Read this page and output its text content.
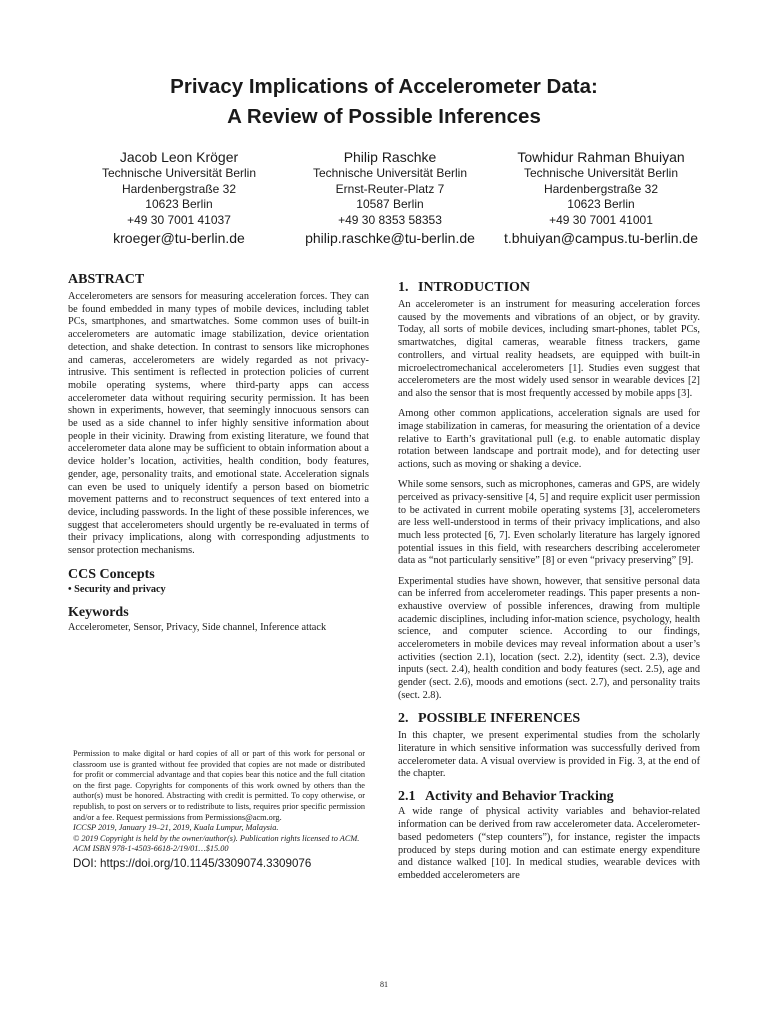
Privacy Implications of Accelerometer Data:
A Review of Possible Inferences
Jacob Leon Kröger
Technische Universität Berlin
Hardenbergstraße 32
10623 Berlin
+49 30 7001 41037
kroeger@tu-berlin.de
Philip Raschke
Technische Universität Berlin
Ernst-Reuter-Platz 7
10587 Berlin
+49 30 8353 58353
philip.raschke@tu-berlin.de
Towhidur Rahman Bhuiyan
Technische Universität Berlin
Hardenbergstraße 32
10623 Berlin
+49 30 7001 41001
t.bhuiyan@campus.tu-berlin.de
ABSTRACT

Accelerometers are sensors for measuring acceleration forces. They can be found embedded in many types of mobile devices, including tablet PCs, smartphones, and smartwatches. Some common uses of built-in accelerometers are automatic image stabilization, device orientation detection, and shake detection. In contrast to sensors like microphones and cameras, accelerometers are widely regarded as not privacy-intrusive. This sentiment is reflected in protection policies of current mobile operating systems, where third-party apps can access accelerometer data without requiring security permission. It has been shown in experiments, however, that seemingly innocuous sensors can be used as a side channel to infer highly sensitive information about people in their vicinity. Drawing from existing literature, we found that accelerometer data alone may be sufficient to obtain information about a device holder’s location, activities, health condition, body features, gender, age, personality traits, and emotional state. Acceleration signals can even be used to uniquely identify a person based on biometric movement patterns and to reconstruct sequences of text entered into a device, including passwords. In the light of these possible inferences, we suggest that accelerometers should urgently be re-evaluated in terms of their privacy implications, along with corresponding adjustments to sensor protection mechanisms.

CCS Concepts

• Security and privacy

Keywords

Accelerometer, Sensor, Privacy, Side channel, Inference attack

Permission to make digital or hard copies of all or part of this work for personal or classroom use is granted without fee provided that copies are not made or distributed for profit or commercial advantage and that copies bear this notice and the full citation on the first page. Copyrights for components of this work owned by others than the author(s) must be honored. Abstracting with credit is permitted. To copy otherwise, or republish, to post on servers or to redistribute to lists, requires prior specific permission and/or a fee. Request permissions from Permissions@acm.org.

ICCSP 2019, January 19–21, 2019, Kuala Lumpur, Malaysia.

© 2019 Copyright is held by the owner/author(s). Publication rights licensed to ACM.

ACM ISBN 978-1-4503-6618-2/19/01…$15.00

DOI: https://doi.org/10.1145/3309074.3309076
1. INTRODUCTION

An accelerometer is an instrument for measuring acceleration forces caused by the movements and vibrations of an object, or by gravity. Today, all sorts of mobile devices, including smart-phones, tablet PCs, smartwatches, digital cameras, wearable fitness trackers, game controllers, and virtual reality headsets, are equipped with built-in microelectromechanical accelerometers [1]. Studies even suggest that accelerometers are the most widely used sensor in wearable devices [2] and also the sensor that is most frequently accessed by mobile apps [3].

Among other common applications, acceleration signals are used for image stabilization in cameras, for measuring the orientation of a device relative to Earth’s gravitational pull (e.g. to enable automatic display rotation between landscape and portrait mode), and for detecting user actions, such as moving or shaking a device.

While some sensors, such as microphones, cameras and GPS, are widely perceived as privacy-sensitive [4, 5] and require explicit user permission to be activated in current mobile operating systems [3], accelerometers are less well-understood in terms of their privacy implications, and also much less protected [6, 7]. Even scholarly literature has largely ignored potential issues in this field, with researchers describing accelerometer data as “not particularly sensitive” [8] or even “privacy preserving” [9].

Experimental studies have shown, however, that sensitive personal data can be inferred from accelerometer readings. This paper presents a non-exhaustive overview of possible inferences, drawing from multiple academic disciplines, including infor-mation science, psychology, health science, and computer science. According to our findings, accelerometers in mobile devices may reveal information about a user’s activities (section 2.1), location (sect. 2.2), identity (sect. 2.3), device inputs (sect. 2.4), health condition and body features (sect. 2.5), age and gender (sect. 2.6), moods and emotions (sect. 2.7), and personality traits (sect. 2.8).

2. POSSIBLE INFERENCES

In this chapter, we present experimental studies from the scholarly literature in which sensitive information was successfully derived from accelerometer data. A visual overview is provided in Fig. 3, at the end of the chapter.

2.1 Activity and Behavior Tracking

A wide range of physical activity variables and behavior-related information can be derived from raw accelerometer data. Accelerometer-based pedometers (“step counters”), for instance, register the impacts produced by steps during motion and can estimate energy expenditure and distance walked [10]. In medical studies, wearable devices with embedded accelerometers are

81
